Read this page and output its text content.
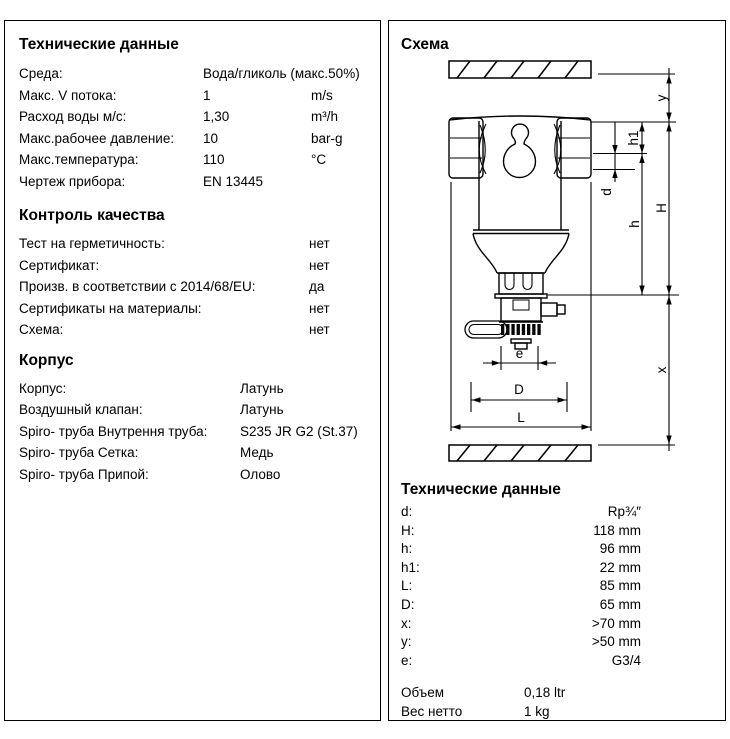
Технические данные
Среда:	Вода/гликоль (макс.50%)
Макс. V потока:	1	m/s
Расход воды м/с:	1,30	m³/h
Макс.рабочее давление:	10	bar-g
Макс.температура:	110	°C
Чертеж прибора:	EN 13445
Контроль качества
Тест на герметичность:	нет
Сертификат:	нет
Произв. в соответствии с 2014/68/EU:	да
Сертификаты на материалы:	нет
Схема:	нет
Корпус
Корпус:	Латунь
Воздушный клапан:	Латунь
Spiro- труба Внутрення труба:	S235 JR G2 (St.37)
Spiro- труба Сетка:	Медь
Spiro- труба Припой:	Олово
Схема
y
h1
d
h
H
x
e
D
L
Технические данные
d:	Rp¾″
H:	118 mm
h:	96 mm
h1:	22 mm
L:	85 mm
D:	65 mm
x:	>70 mm
y:	>50 mm
e:	G3/4
Объем	0,18 ltr
Вес нетто	1 kg
